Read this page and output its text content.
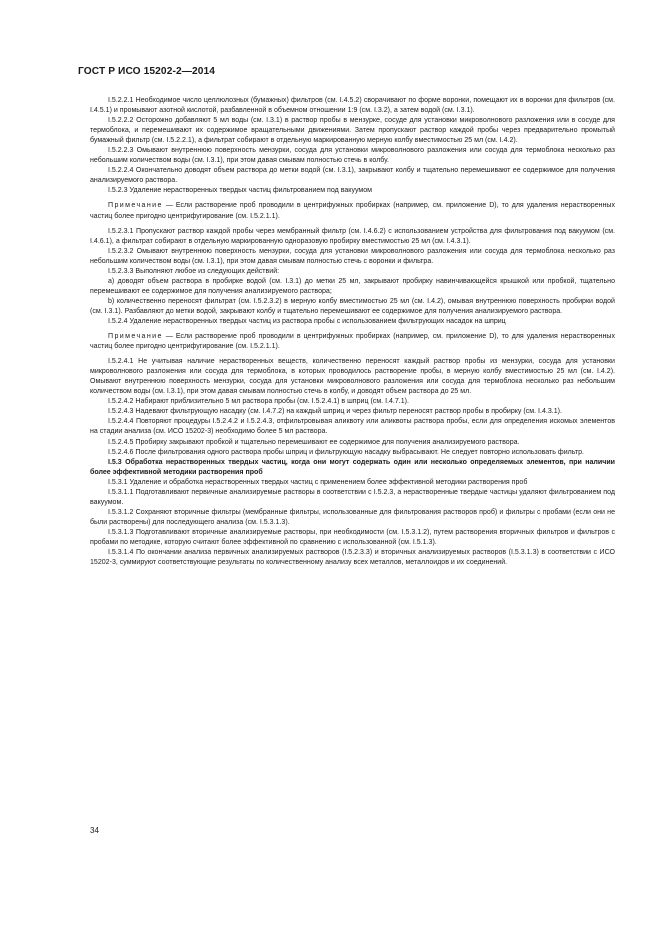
ГОСТ Р ИСО 15202-2—2014

I.5.2.2.1 Необходимое число целлюлозных (бумажных) фильтров (см. I.4.5.2) сворачивают по форме воронки, помещают их в воронки для фильтров (см. I.4.5.1) и промывают азотной кислотой, разбавленной в объемном отношении 1:9 (см. I.3.2), а затем водой (см. I.3.1).

I.5.2.2.2 Осторожно добавляют 5 мл воды (см. I.3.1) в раствор пробы в мензурке, сосуде для установки микроволнового разложения или в сосуде для термоблока, и перемешивают их содержимое вращательными движениями. Затем пропускают раствор каждой пробы через предварительно промытый бумажный фильтр (см. I.5.2.2.1), а фильтрат собирают в отдельную маркированную мерную колбу вместимостью 25 мл (см. I.4.2).

I.5.2.2.3 Омывают внутреннюю поверхность мензурки, сосуда для установки микроволнового разложения или сосуда для термоблока несколько раз небольшим количеством воды (см. I.3.1), при этом давая смывам полностью стечь в колбу.

I.5.2.2.4 Окончательно доводят объем раствора до метки водой (см. I.3.1), закрывают колбу и тщательно перемешивают ее содержимое для получения анализируемого раствора.

I.5.2.3 Удаление нерастворенных твердых частиц фильтрованием под вакуумом

Примечание — Если растворение проб проводили в центрифужных пробирках (например, см. приложение D), то для удаления нерастворенных частиц более пригодно центрифугирование (см. I.5.2.1.1).

I.5.2.3.1 Пропускают раствор каждой пробы через мембранный фильтр (см. I.4.6.2) с использованием устройства для фильтрования под вакуумом (см. I.4.6.1), а фильтрат собирают в отдельную маркированную одноразовую пробирку вместимостью 25 мл (см. I.4.3.1).

I.5.2.3.2 Омывают внутреннюю поверхность мензурки, сосуда для установки микроволнового разложения или сосуда для термоблока несколько раз небольшим количеством воды (см. I.3.1), при этом давая смывам полностью стечь с воронки и фильтра.

I.5.2.3.3 Выполняют любое из следующих действий:

a) доводят объем раствора в пробирке водой (см. I.3.1) до метки 25 мл, закрывают пробирку навинчивающейся крышкой или пробкой, тщательно перемешивают ее содержимое для получения анализируемого раствора;

b) количественно переносят фильтрат (см. I.5.2.3.2) в мерную колбу вместимостью 25 мл (см. I.4.2), омывая внутреннюю поверхность пробирки водой (см. I.3.1). Разбавляют до метки водой, закрывают колбу и тщательно перемешивают ее содержимое для получения анализируемого раствора.

I.5.2.4 Удаление нерастворенных твердых частиц из раствора пробы с использованием фильтрующих насадок на шприц

Примечание — Если растворение проб проводили в центрифужных пробирках (например, см. приложение D), то для удаления нерастворенных частиц более пригодно центрифугирование (см. I.5.2.1.1).

I.5.2.4.1 Не учитывая наличие нерастворенных веществ, количественно переносят каждый раствор пробы из мензурки, сосуда для установки микроволнового разложения или сосуда для термоблока, в которых проводилось растворение пробы, в мерную колбу вместимостью 25 мл (см. I.4.2). Омывают внутреннюю поверхность мензурки, сосуда для установки микроволнового разложения или сосуда для термоблока несколько раз небольшим количеством воды (см. I.3.1), при этом давая смывам полностью стечь в колбу, и доводят объем раствора до 25 мл.

I.5.2.4.2 Набирают приблизительно 5 мл раствора пробы (см. I.5.2.4.1) в шприц (см. I.4.7.1).

I.5.2.4.3 Надевают фильтрующую насадку (см. I.4.7.2) на каждый шприц и через фильтр переносят раствор пробы в пробирку (см. I.4.3.1).

I.5.2.4.4 Повторяют процедуры I.5.2.4.2 и I.5.2.4.3, отфильтровывая аликвоту или аликвоты раствора пробы, если для определения искомых элементов на стадии анализа (см. ИСО 15202-3) необходимо более 5 мл раствора.

I.5.2.4.5 Пробирку закрывают пробкой и тщательно перемешивают ее содержимое для получения анализируемого раствора.

I.5.2.4.6 После фильтрования одного раствора пробы шприц и фильтрующую насадку выбрасывают. Не следует повторно использовать фильтр.

I.5.3 Обработка нерастворенных твердых частиц, когда они могут содержать один или несколько определяемых элементов, при наличии более эффективной методики растворения проб

I.5.3.1 Удаление и обработка нерастворенных твердых частиц с применением более эффективной методики растворения проб

I.5.3.1.1 Подготавливают первичные анализируемые растворы в соответствии с I.5.2.3, а нерастворенные твердые частицы удаляют фильтрованием под вакуумом.

I.5.3.1.2 Сохраняют вторичные фильтры (мембранные фильтры, использованные для фильтрования растворов проб) и фильтры с пробами (если они не были растворены) для последующего анализа (см. I.5.3.1.3).

I.5.3.1.3 Подготавливают вторичные анализируемые растворы, при необходимости (см. I.5.3.1.2), путем растворения вторичных фильтров и фильтров с пробами по методике, которую считают более эффективной по сравнению с использованной (см. I.5.1.3).

I.5.3.1.4 По окончании анализа первичных анализируемых растворов (I.5.2.3.3) и вторичных анализируемых растворов (I.5.3.1.3) в соответствии с ИСО 15202-3, суммируют соответствующие результаты по количественному анализу всех металлов, металлоидов и их соединений.

34
